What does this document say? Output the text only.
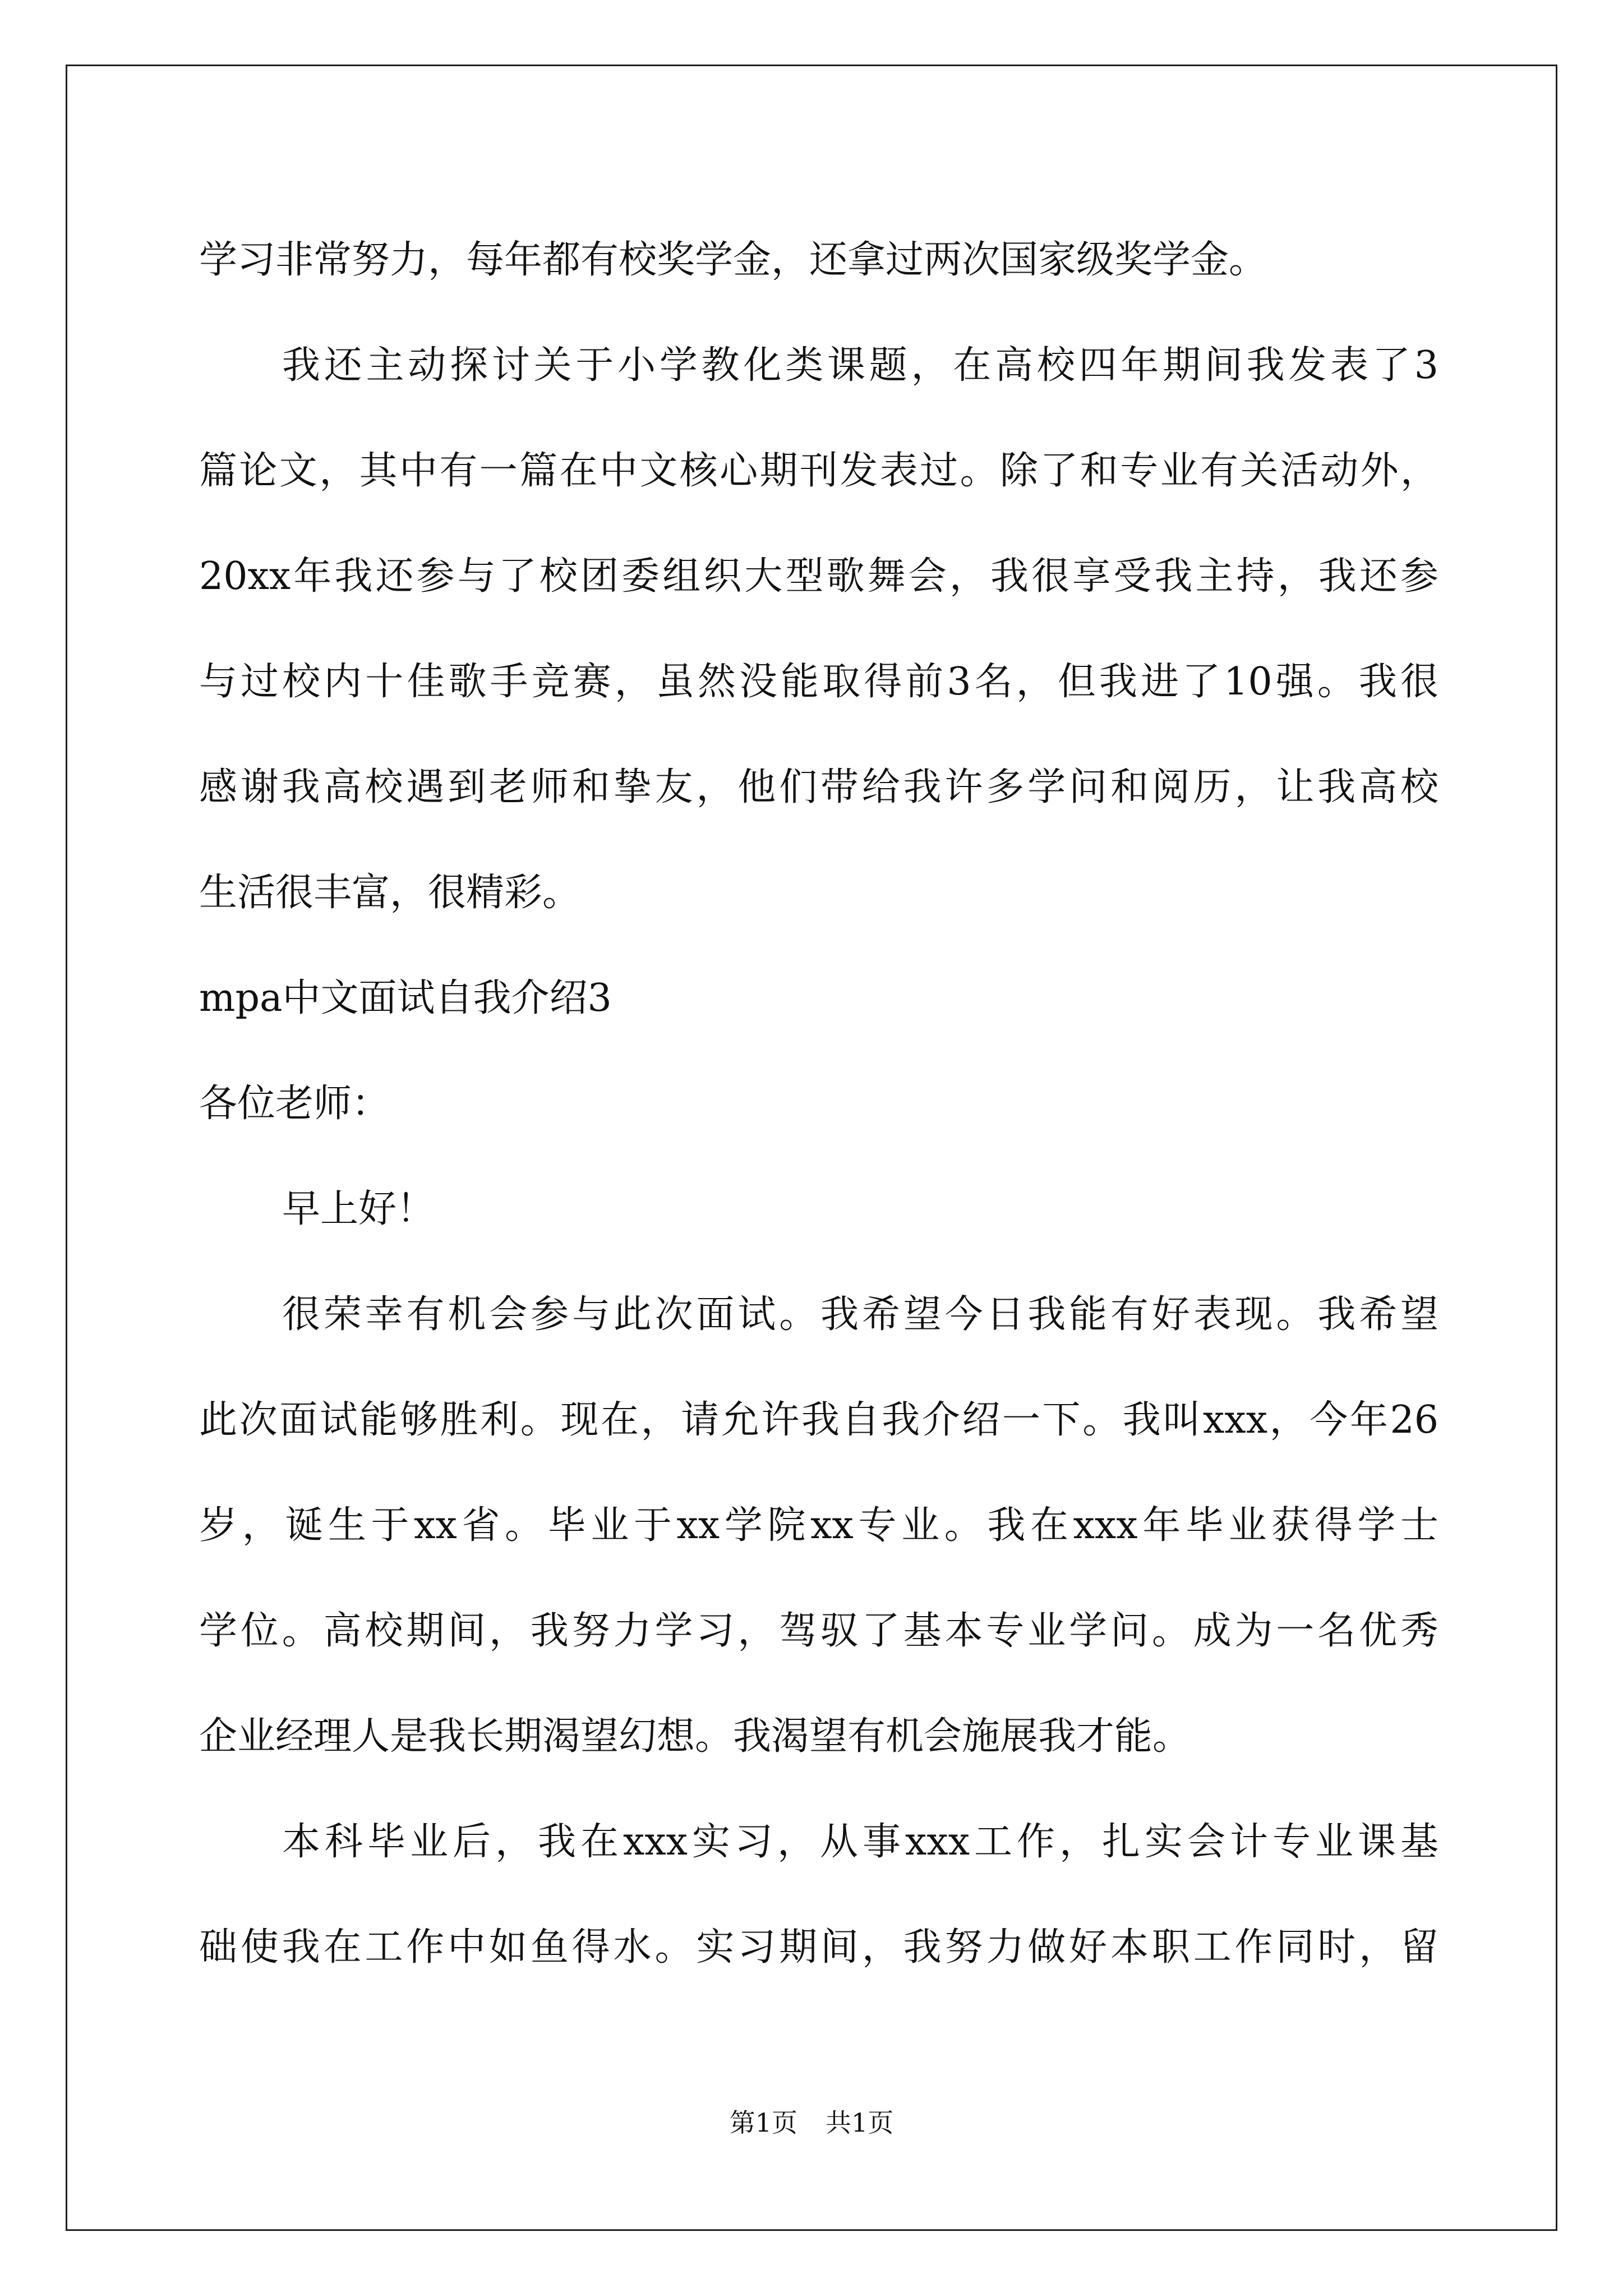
学习非常努力，每年都有校奖学金，还拿过两次国家级奖学金。
我还主动探讨关于小学教化类课题，在高校四年期间我发表了3
篇论文，其中有一篇在中文核心期刊发表过。除了和专业有关活动外，
20xx年我还参与了校团委组织大型歌舞会，我很享受我主持，我还参
与过校内十佳歌手竞赛，虽然没能取得前3名，但我进了10强。我很
感谢我高校遇到老师和挚友，他们带给我许多学问和阅历，让我高校
生活很丰富，很精彩。
mpa中文面试自我介绍3
各位老师：
早上好！
很荣幸有机会参与此次面试。我希望今日我能有好表现。我希望
此次面试能够胜利。现在，请允许我自我介绍一下。我叫xxx，今年26
岁，诞生于xx省。毕业于xx学院xx专业。我在xxx年毕业获得学士
学位。高校期间，我努力学习，驾驭了基本专业学问。成为一名优秀
企业经理人是我长期渴望幻想。我渴望有机会施展我才能。
本科毕业后，我在xxx实习，从事xxx工作，扎实会计专业课基
础使我在工作中如鱼得水。实习期间，我努力做好本职工作同时，留
第1页 共1页
